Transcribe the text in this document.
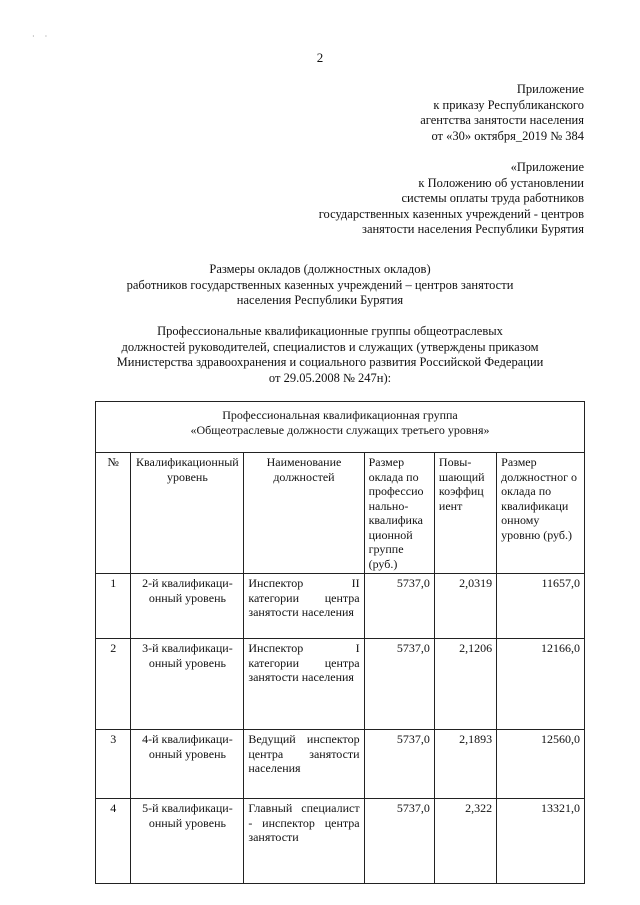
· ·
2
Приложение
к приказу Республиканского
агентства занятости населения
от «30» октября_2019 № 384
«Приложение
к Положению об установлении
системы оплаты труда работников
государственных казенных учреждений - центров
занятости населения Республики Бурятия
Размеры окладов (должностных окладов)
работников государственных казенных учреждений – центров занятости
населения Республики Бурятия
Профессиональные квалификационные группы общеотраслевых
должностей руководителей, специалистов и служащих (утверждены приказом
Министерства здравоохранения и социального развития Российской Федерации
от 29.05.2008 № 247н):
Профессиональная квалификационная группа
«Общеотраслевые должности служащих третьего уровня»					

№	Квалификационный уровень	Наименование должностей	Размер оклада по профессио нально-квалифика ционной группе (руб.)	Повы-шающий коэффиц иент	Размер должностног о оклада по квалификаци онному уровню (руб.)
1	2-й квалификаци-онный уровень	Инспектор II категории центра занятости населения	5737,0	2,0319	11657,0
2	3-й квалификаци-онный уровень	Инспектор I категории центра занятости населения	5737,0	2,1206	12166,0
3	4-й квалификаци-онный уровень	Ведущий инспектор центра занятости населения	5737,0	2,1893	12560,0
4	5-й квалификаци-онный уровень	Главный специалист - инспектор центра занятости	5737,0	2,322	13321,0
